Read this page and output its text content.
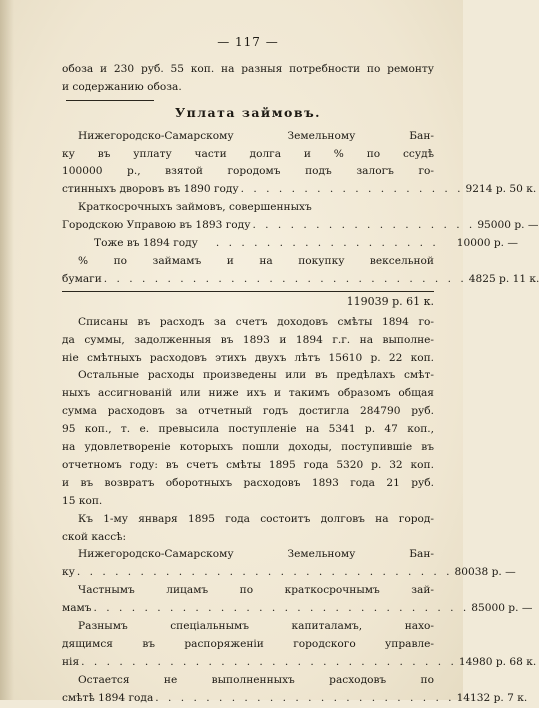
— 117 —
обоза и 230 руб. 55 коп. на разныя потребности по ремонту
и содержанию обоза.
Уплата займовъ.
Нижегородско-Самарскому Земельному Бан-
ку въ уплату части долга и % по ссудѣ
100000 р., взятой городомъ подъ залогъ го-
стинныхъ дворовъ въ 1890 году . . . . . . . . . . . . . . . . . . 9214 р. 50 к.
Краткосрочныхъ займовъ, совершенныхъ
Городскою Управою въ 1893 году . . . . . . . . . . . . . . . . . . 95000 р. —
Тоже въ 1894 году	. . . . . . . . . . . . . . . . . .	10000 р. —
% по займамъ и на покупку вексельной
бумаги . . . . . . . . . . . . . . . . . . . . . . . . . . . . . 4825 р. 11 к.
119039 р. 61 к.
Списаны въ расходъ за счетъ доходовъ смѣты 1894 го-
да суммы, задолженныя въ 1893 и 1894 г.г. на выполне-
ніе смѣтныхъ расходовъ этихъ двухъ лѣтъ 15610 р. 22 коп.
Остальные расходы произведены или въ предѣлахъ смѣт-
ныхъ ассигнованій или ниже ихъ и такимъ образомъ общая
сумма расходовъ за отчетный годъ достигла 284790 руб.
95 коп., т. е. превысила поступленіе на 5341 р. 47 коп.,
на удовлетвореніе которыхъ пошли доходы, поступившіе въ
отчетномъ году: въ счетъ смѣты 1895 года 5320 р. 32 коп.
и въ возвратъ оборотныхъ расходовъ 1893 года 21 руб.
15 коп.
Къ 1-му января 1895 года состоитъ долговъ на город-
ской кассѣ:
Нижегородско-Самарскому Земельному Бан-
ку . . . . . . . . . . . . . . . . . . . . . . . . . . . . . . 80038 р. —
Частнымъ лицамъ по краткосрочнымъ зай-
мамъ . . . . . . . . . . . . . . . . . . . . . . . . . . . . . . 85000 р. —
Разнымъ спеціальнымъ капиталамъ, нахо-
дящимся въ распоряженіи городского управле-
нія . . . . . . . . . . . . . . . . . . . . . . . . . . . . . . 14980 р. 68 к.
Остается не выполненныхъ расходовъ по
смѣтѣ 1894 года . . . . . . . . . . . . . . . . . . . . . . . . 14132 р. 7 к.
